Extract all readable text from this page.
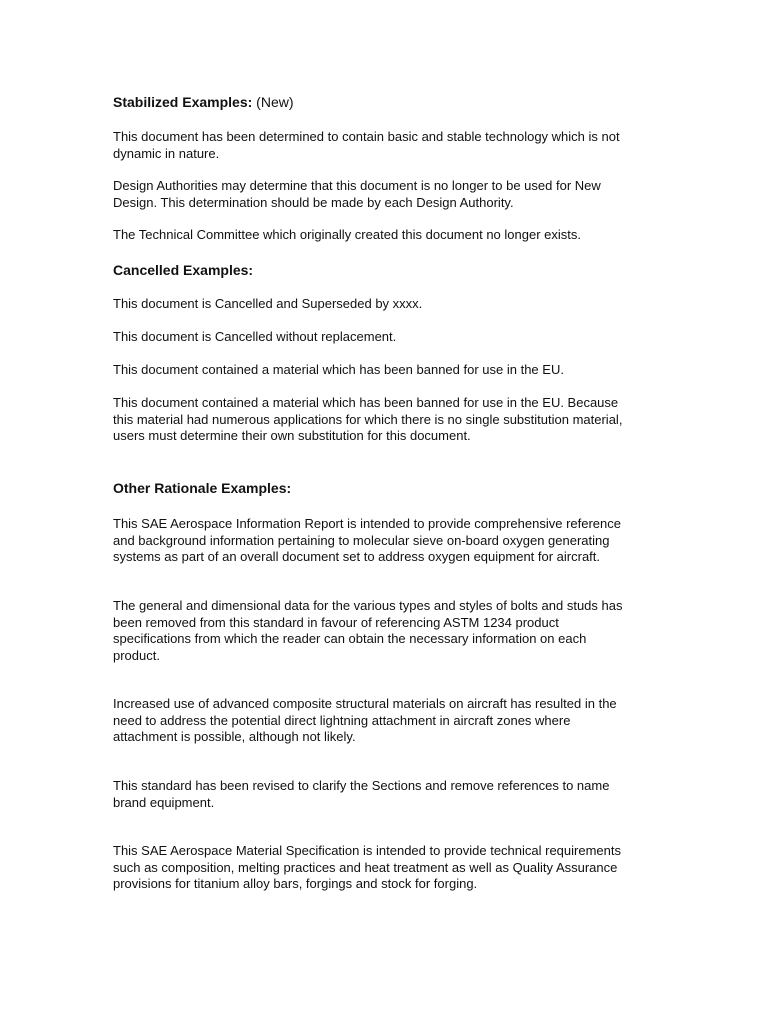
Stabilized Examples: (New)
This document has been determined to contain basic and stable technology which is not
dynamic in nature.
Design Authorities may determine that this document is no longer to be used for New
Design. This determination should be made by each Design Authority.
The Technical Committee which originally created this document no longer exists.
Cancelled Examples:
This document is Cancelled and Superseded by xxxx.
This document is Cancelled without replacement.
This document contained a material which has been banned for use in the EU.
This document contained a material which has been banned for use in the EU. Because
this material had numerous applications for which there is no single substitution material,
users must determine their own substitution for this document.
Other Rationale Examples:
This SAE Aerospace Information Report is intended to provide comprehensive reference
and background information pertaining to molecular sieve on-board oxygen generating
systems as part of an overall document set to address oxygen equipment for aircraft.
The general and dimensional data for the various types and styles of bolts and studs has
been removed from this standard in favour of referencing ASTM 1234 product
specifications from which the reader can obtain the necessary information on each
product.
Increased use of advanced composite structural materials on aircraft has resulted in the
need to address the potential direct lightning attachment in aircraft zones where
attachment is possible, although not likely.
This standard has been revised to clarify the Sections and remove references to name
brand equipment.
This SAE Aerospace Material Specification is intended to provide technical requirements
such as composition, melting practices and heat treatment as well as Quality Assurance
provisions for titanium alloy bars, forgings and stock for forging.
